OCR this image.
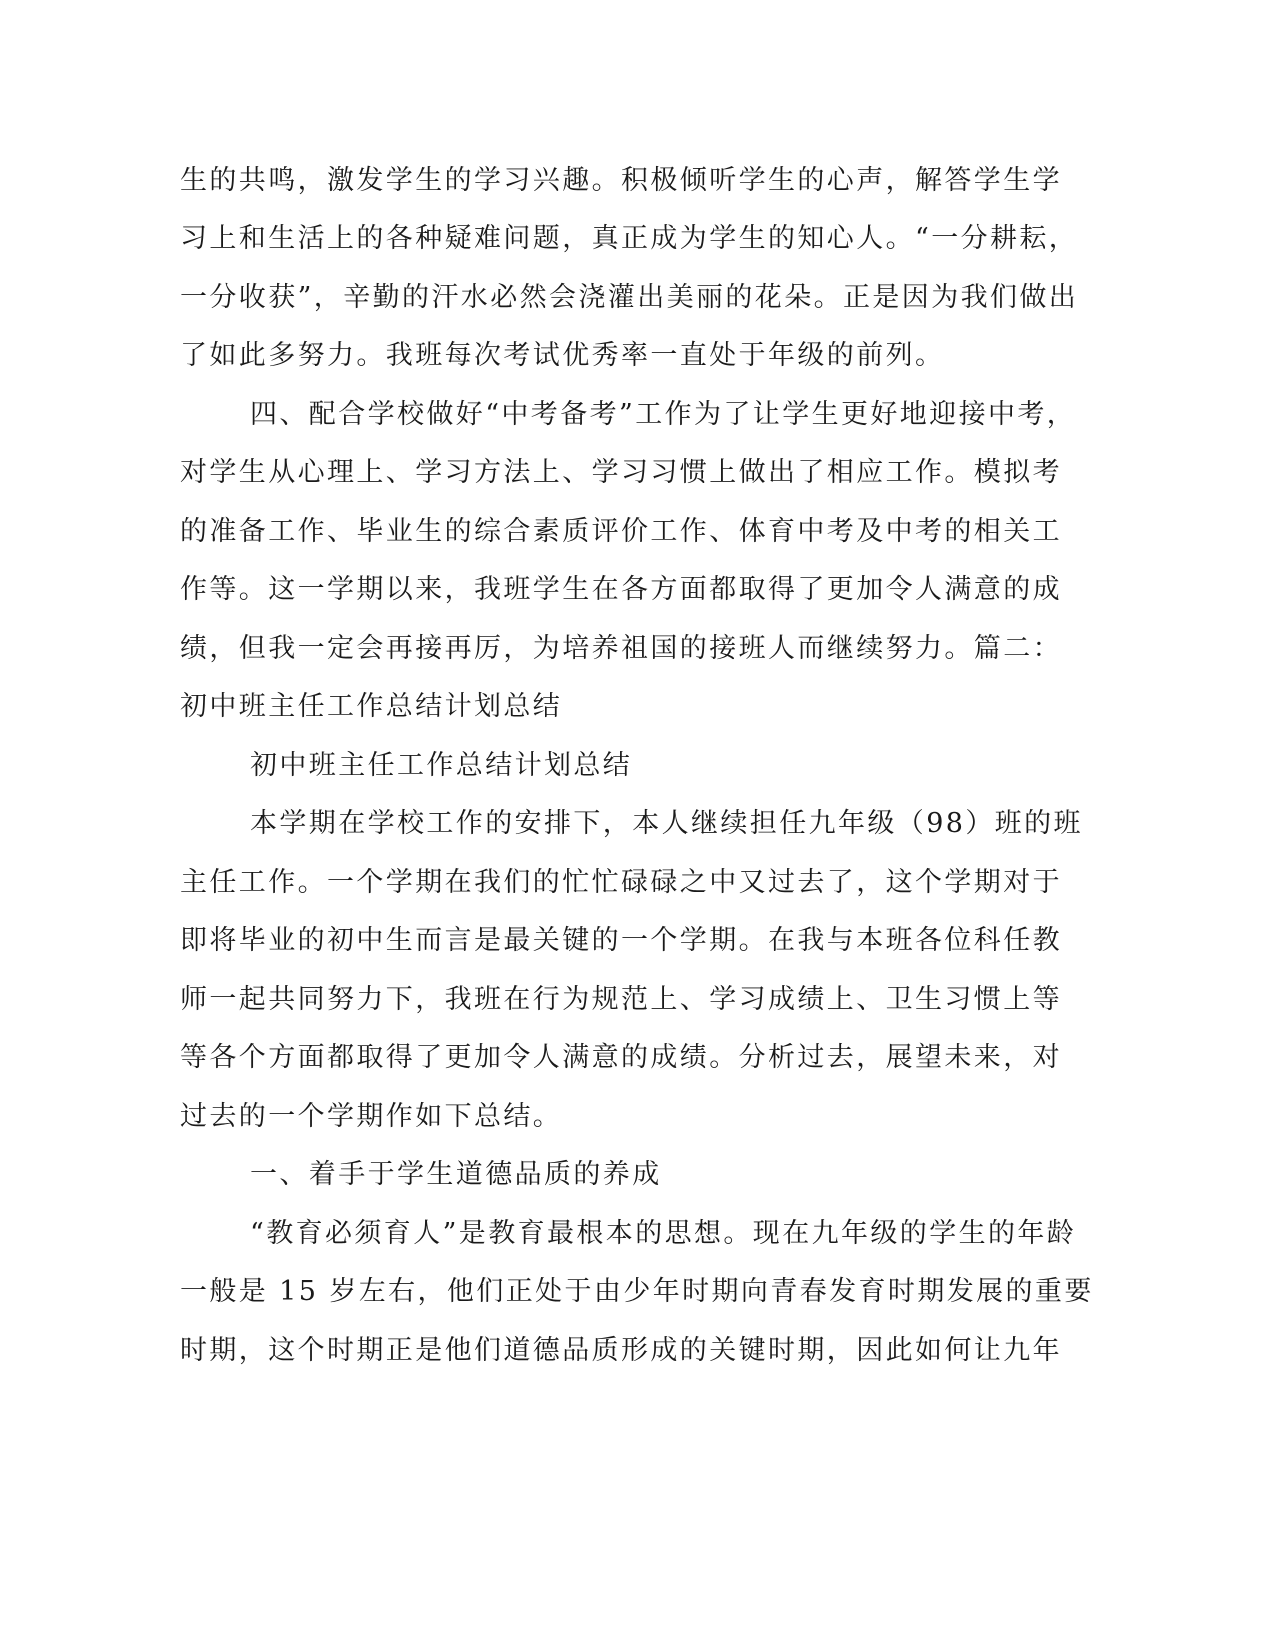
生的共鸣，激发学生的学习兴趣。积极倾听学生的心声，解答学生学
习上和生活上的各种疑难问题，真正成为学生的知心人。“一分耕耘，
一分收获”，辛勤的汗水必然会浇灌出美丽的花朵。正是因为我们做出
了如此多努力。我班每次考试优秀率一直处于年级的前列。
四、配合学校做好“中考备考”工作为了让学生更好地迎接中考，
对学生从心理上、学习方法上、学习习惯上做出了相应工作。模拟考
的准备工作、毕业生的综合素质评价工作、体育中考及中考的相关工
作等。这一学期以来，我班学生在各方面都取得了更加令人满意的成
绩，但我一定会再接再厉，为培养祖国的接班人而继续努力。篇二：
初中班主任工作总结计划总结
初中班主任工作总结计划总结
本学期在学校工作的安排下，本人继续担任九年级（98）班的班
主任工作。一个学期在我们的忙忙碌碌之中又过去了，这个学期对于
即将毕业的初中生而言是最关键的一个学期。在我与本班各位科任教
师一起共同努力下，我班在行为规范上、学习成绩上、卫生习惯上等
等各个方面都取得了更加令人满意的成绩。分析过去，展望未来，对
过去的一个学期作如下总结。
一、着手于学生道德品质的养成
“教育必须育人”是教育最根本的思想。现在九年级的学生的年龄
一般是 15 岁左右，他们正处于由少年时期向青春发育时期发展的重要
时期，这个时期正是他们道德品质形成的关键时期，因此如何让九年
